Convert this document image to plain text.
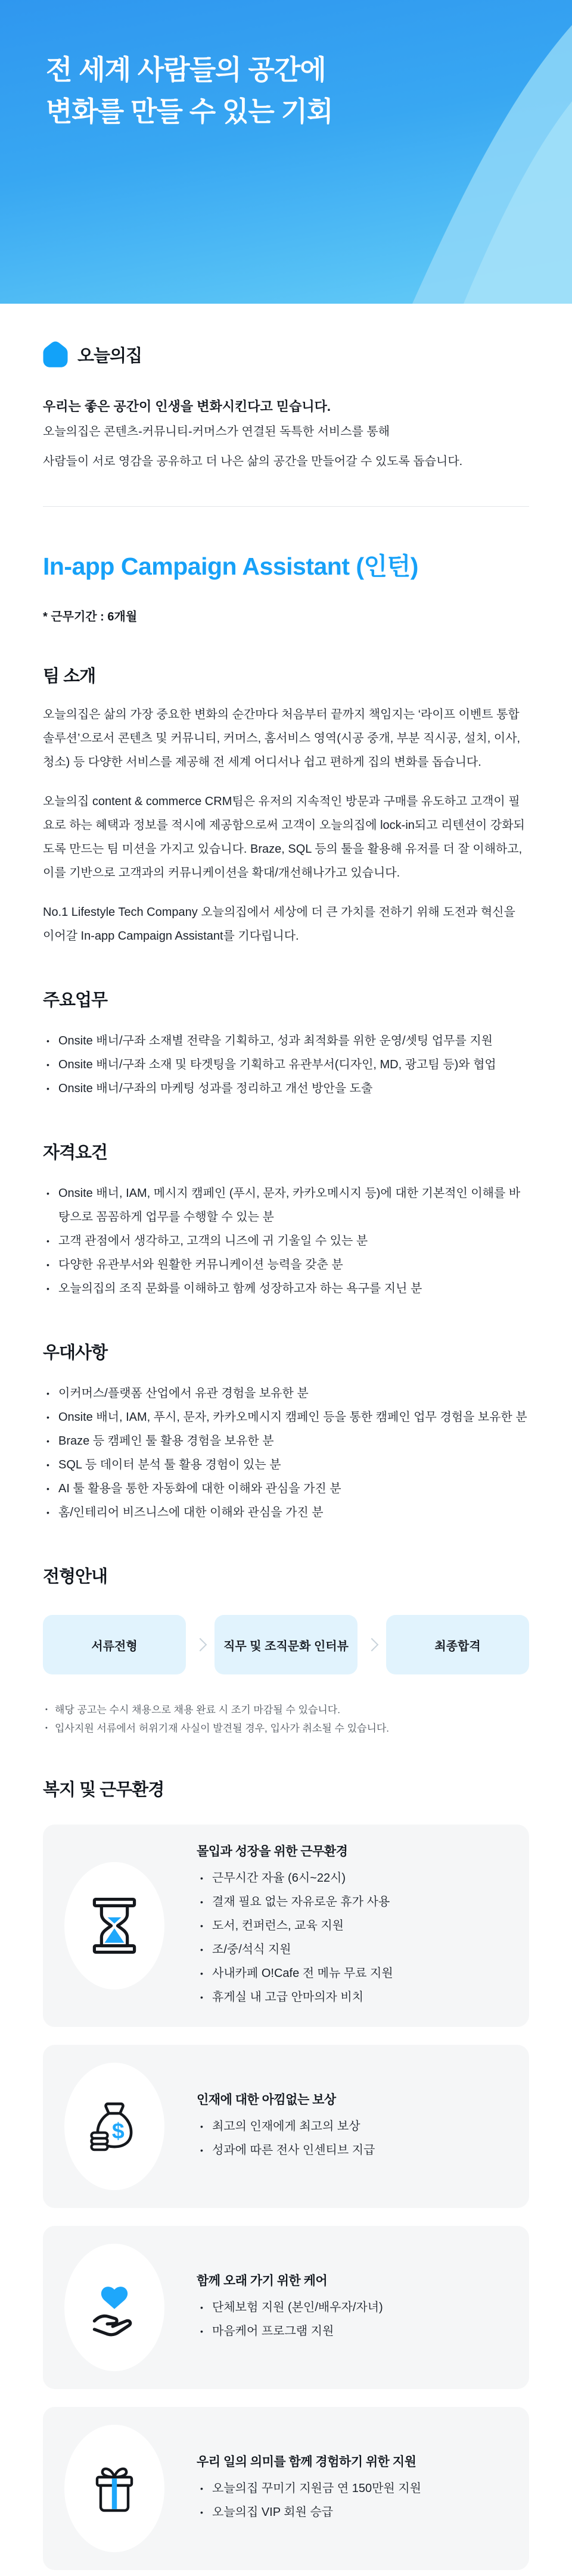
전 세계 사람들의 공간에
변화를 만들 수 있는 기회
오늘의집
우리는 좋은 공간이 인생을 변화시킨다고 믿습니다.
오늘의집은 콘텐츠-커뮤니티-커머스가 연결된 독특한 서비스를 통해
사람들이 서로 영감을 공유하고 더 나은 삶의 공간을 만들어갈 수 있도록 돕습니다.
In-app Campaign Assistant (인턴)
* 근무기간 : 6개월
팀 소개

오늘의집은 삶의 가장 중요한 변화의 순간마다 처음부터 끝까지 책임지는 ‘라이프 이벤트 통합 솔루션’으로서 콘텐츠 및 커뮤니티, 커머스, 홈서비스 영역(시공 중개, 부분 직시공, 설치, 이사, 청소) 등 다양한 서비스를 제공해 전 세계 어디서나 쉽고 편하게 집의 변화를 돕습니다.

오늘의집 content & commerce CRM팀은 유저의 지속적인 방문과 구매를 유도하고 고객이 필요로 하는 혜택과 정보를 적시에 제공함으로써 고객이 오늘의집에 lock-in되고 리텐션이 강화되도록 만드는 팀 미션을 가지고 있습니다. Braze, SQL 등의 툴을 활용해 유저를 더 잘 이해하고, 이를 기반으로 고객과의 커뮤니케이션을 확대/개선해나가고 있습니다.

No.1 Lifestyle Tech Company 오늘의집에서 세상에 더 큰 가치를 전하기 위해 도전과 혁신을 이어갈 In-app Campaign Assistant를 기다립니다.

주요업무
• Onsite 배너/구좌 소재별 전략을 기획하고, 성과 최적화를 위한 운영/셋팅 업무를 지원
• Onsite 배너/구좌 소재 및 타겟팅을 기획하고 유관부서(디자인, MD, 광고팀 등)와 협업
• Onsite 배너/구좌의 마케팅 성과를 정리하고 개선 방안을 도출
자격요건
• Onsite 배너, IAM, 메시지 캠페인 (푸시, 문자, 카카오메시지 등)에 대한 기본적인 이해를 바탕으로 꼼꼼하게 업무를 수행할 수 있는 분
• 고객 관점에서 생각하고, 고객의 니즈에 귀 기울일 수 있는 분
• 다양한 유관부서와 원활한 커뮤니케이션 능력을 갖춘 분
• 오늘의집의 조직 문화를 이해하고 함께 성장하고자 하는 욕구를 지닌 분
우대사항
• 이커머스/플랫폼 산업에서 유관 경험을 보유한 분
• Onsite 배너, IAM, 푸시, 문자, 카카오메시지 캠페인 등을 통한 캠페인 업무 경험을 보유한 분
• Braze 등 캠페인 툴 활용 경험을 보유한 분
• SQL 등 데이터 분석 툴 활용 경험이 있는 분
• AI 툴 활용을 통한 자동화에 대한 이해와 관심을 가진 분
• 홈/인테리어 비즈니스에 대한 이해와 관심을 가진 분
전형안내
서류전형	직무 및 조직문화 인터뷰	최종합격
• 해당 공고는 수시 채용으로 채용 완료 시 조기 마감될 수 있습니다.
• 입사지원 서류에서 허위기재 사실이 발견될 경우, 입사가 취소될 수 있습니다.
복지 및 근무환경
몰입과 성장을 위한 근무환경
• 근무시간 자율 (6시~22시)
• 결재 필요 없는 자유로운 휴가 사용
• 도서, 컨퍼런스, 교육 지원
• 조/중/석식 지원
• 사내카페 O!Cafe 전 메뉴 무료 지원
• 휴게실 내 고급 안마의자 비치
$
인재에 대한 아낌없는 보상
• 최고의 인재에게 최고의 보상
• 성과에 따른 전사 인센티브 지급
함께 오래 가기 위한 케어
• 단체보험 지원 (본인/배우자/자녀)
• 마음케어 프로그램 지원
우리 일의 의미를 함께 경험하기 위한 지원
• 오늘의집 꾸미기 지원금 연 150만원 지원
• 오늘의집 VIP 회원 승급
